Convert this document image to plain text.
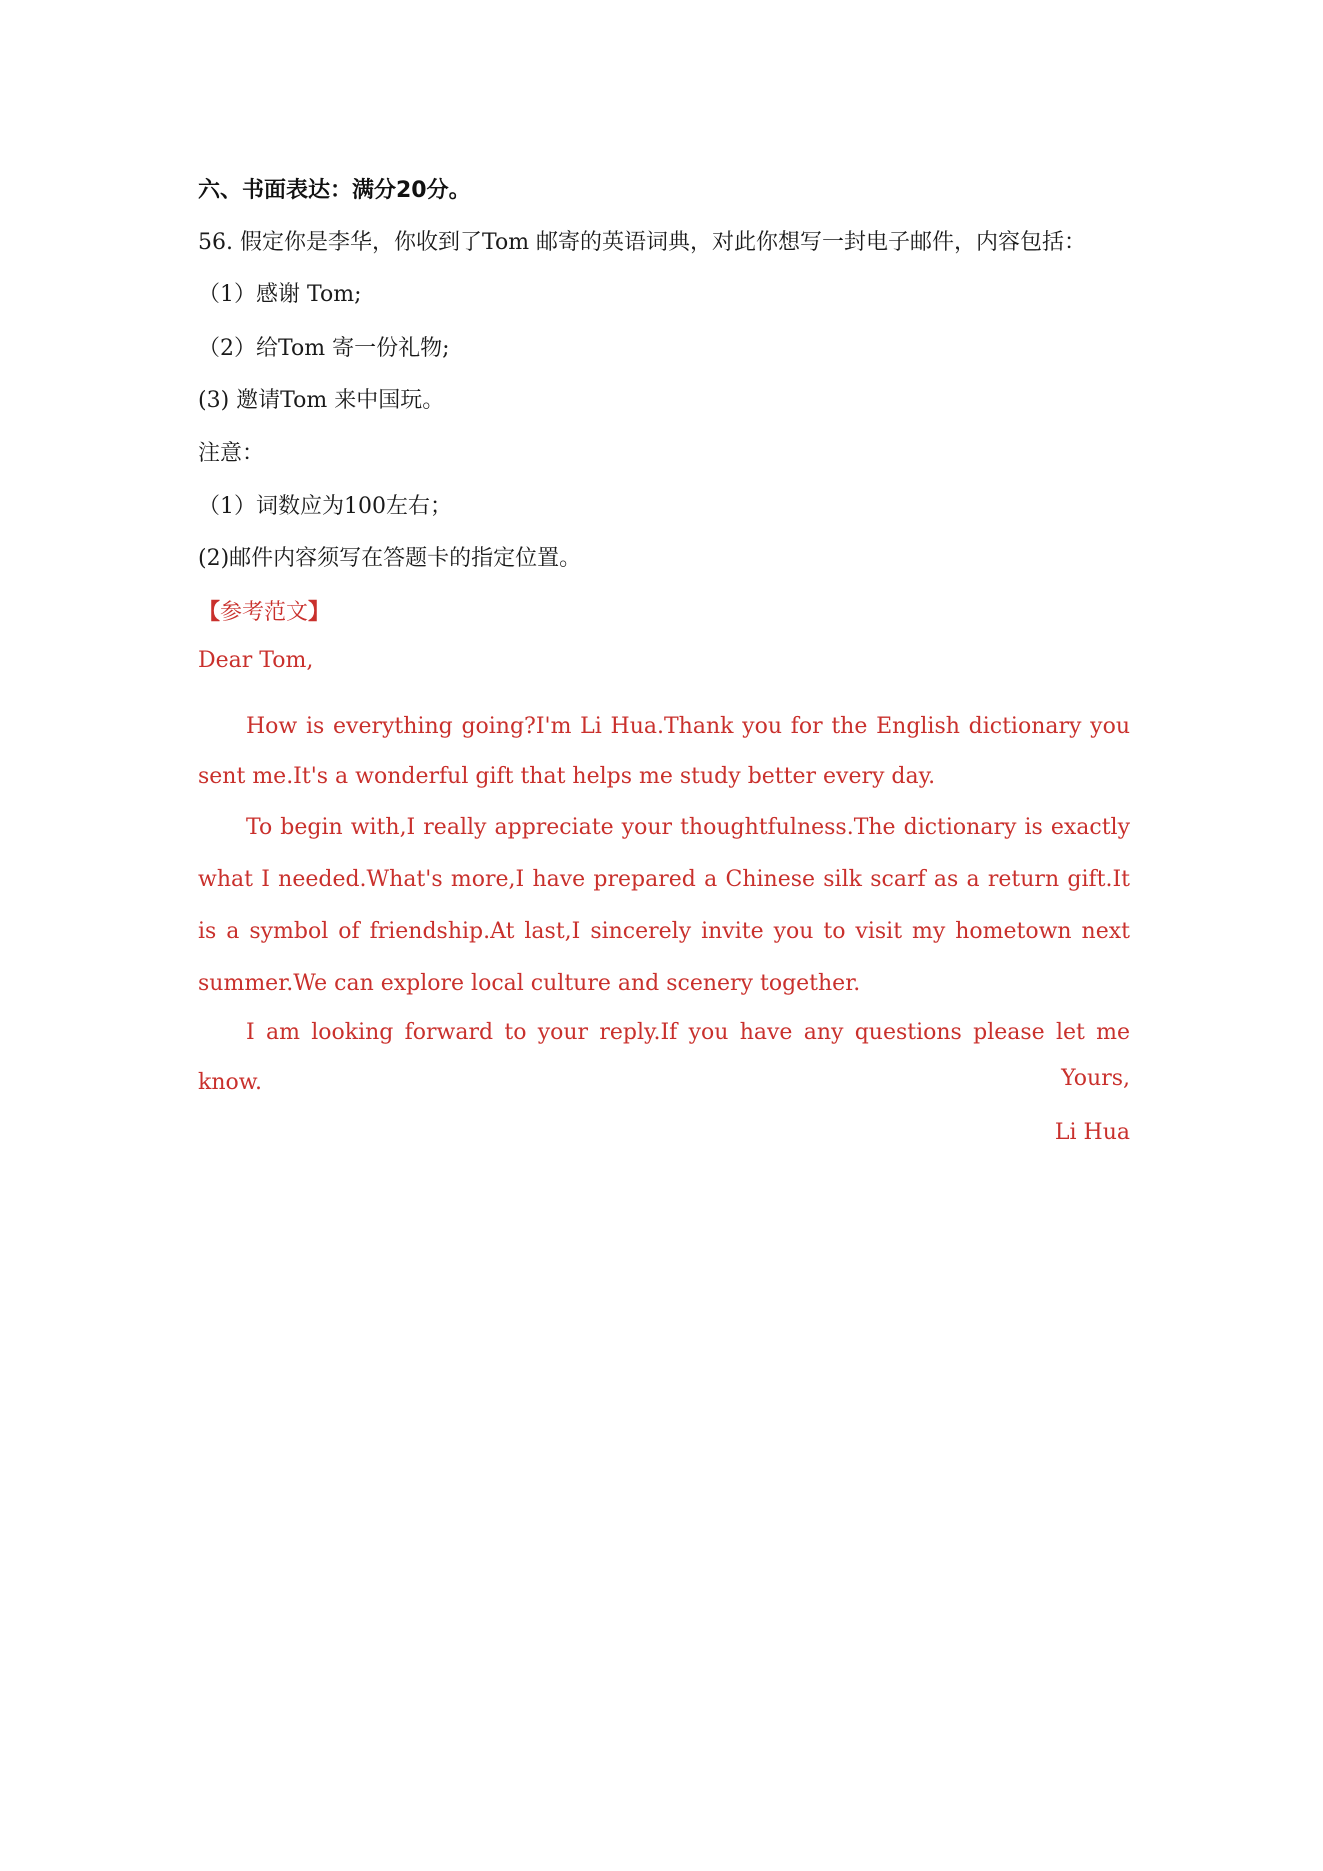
六、书面表达：满分20分。
56. 假定你是李华，你收到了Tom 邮寄的英语词典，对此你想写一封电子邮件，内容包括：
（1）感谢 Tom;
（2）给Tom 寄一份礼物;
(3) 邀请Tom 来中国玩。
注意：
（1）词数应为100左右；
(2)邮件内容须写在答题卡的指定位置。
【参考范文】
Dear Tom,
How is everything going?I'm Li Hua.Thank you for the English dictionary you sent me.It's a wonderful gift that helps me study better every day.
To begin with,I really appreciate your thoughtfulness.The dictionary is exactly what I needed.What's more,I have prepared a Chinese silk scarf as a return gift.It is a symbol of friendship.At last,I sincerely invite you to visit my hometown next summer.We can explore local culture and scenery together.
I am looking forward to your reply.If you have any questions please let me know.	Yours,
Li Hua
